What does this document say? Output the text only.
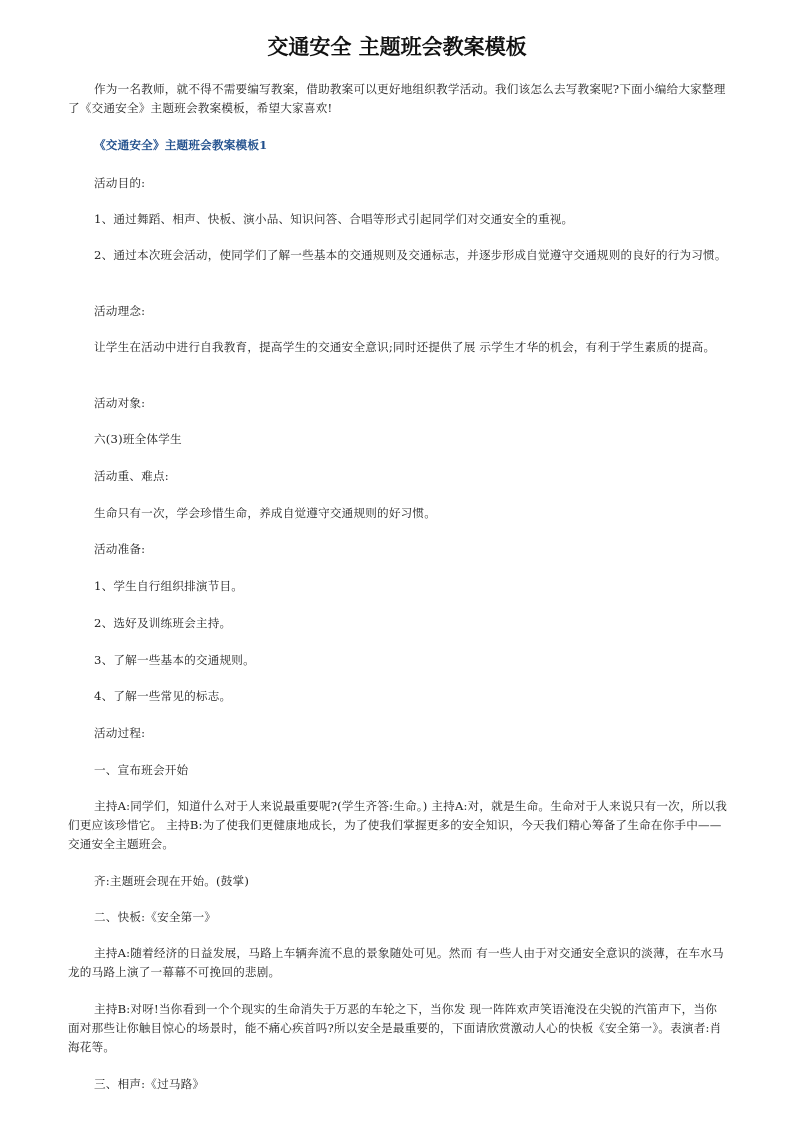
交通安全 主题班会教案模板

作为一名教师，就不得不需要编写教案，借助教案可以更好地组织教学活动。我们该怎么去写教案呢?下面小编给大家整理了《交通安全》主题班会教案模板，希望大家喜欢!

《交通安全》主题班会教案模板1

活动目的:

1、通过舞蹈、相声、快板、演小品、知识问答、合唱等形式引起同学们对交通安全的重视。

2、通过本次班会活动，使同学们了解一些基本的交通规则及交通标志，并逐步形成自觉遵守交通规则的良好的行为习惯。

活动理念:

让学生在活动中进行自我教育，提高学生的交通安全意识;同时还提供了展 示学生才华的机会，有利于学生素质的提高。

活动对象:

六(3)班全体学生

活动重、难点:

生命只有一次，学会珍惜生命，养成自觉遵守交通规则的好习惯。

活动准备:

1、学生自行组织排演节目。

2、选好及训练班会主持。

3、了解一些基本的交通规则。

4、了解一些常见的标志。

活动过程:

一、宣布班会开始

主持A:同学们，知道什么对于人来说最重要呢?(学生齐答:生命。) 主持A:对，就是生命。生命对于人来说只有一次，所以我们更应该珍惜它。 主持B:为了使我们更健康地成长，为了使我们掌握更多的安全知识，今天我们精心筹备了生命在你手中——交通安全主题班会。

齐:主题班会现在开始。(鼓掌)

二、快板:《安全第一》

主持A:随着经济的日益发展，马路上车辆奔流不息的景象随处可见。然而 有一些人由于对交通安全意识的淡薄，在车水马龙的马路上演了一幕幕不可挽回的悲剧。

主持B:对呀!当你看到一个个现实的生命消失于万恶的车轮之下，当你发 现一阵阵欢声笑语淹没在尖锐的汽笛声下，当你面对那些让你触目惊心的场景时，能不痛心疾首吗?所以安全是最重要的，下面请欣赏激动人心的快板《安全第一》。表演者:肖海花等。

三、相声:《过马路》
